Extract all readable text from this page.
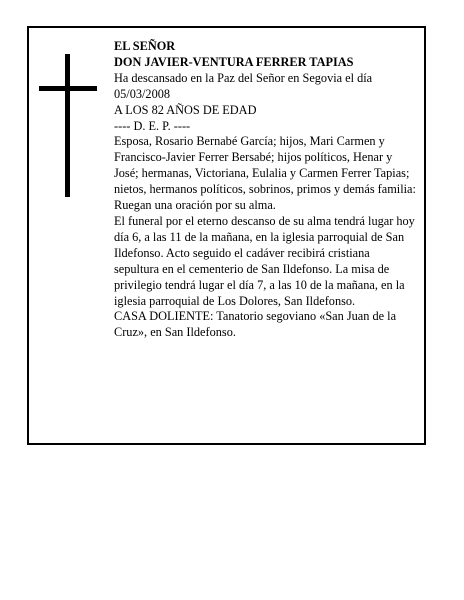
EL SEÑOR

DON JAVIER-VENTURA FERRER TAPIAS

Ha descansado en la Paz del Señor en Segovia el día 05/03/2008

A LOS 82 AÑOS DE EDAD

---- D. E. P. ----

Esposa, Rosario Bernabé García; hijos, Mari Carmen y Francisco-Javier Ferrer Bersabé; hijos políticos, Henar y José; hermanas, Victoriana, Eulalia y Carmen Ferrer Tapias; nietos, hermanos políticos, sobrinos, primos y demás familia:

Ruegan una oración por su alma.

El funeral por el eterno descanso de su alma tendrá lugar hoy día 6, a las 11 de la mañana, en la iglesia parroquial de San Ildefonso. Acto seguido el cadáver recibirá cristiana sepultura en el cementerio de San Ildefonso. La misa de privilegio tendrá lugar el día 7, a las 10 de la mañana, en la iglesia parroquial de Los Dolores, San Ildefonso.

CASA DOLIENTE: Tanatorio segoviano «San Juan de la Cruz», en San Ildefonso.
